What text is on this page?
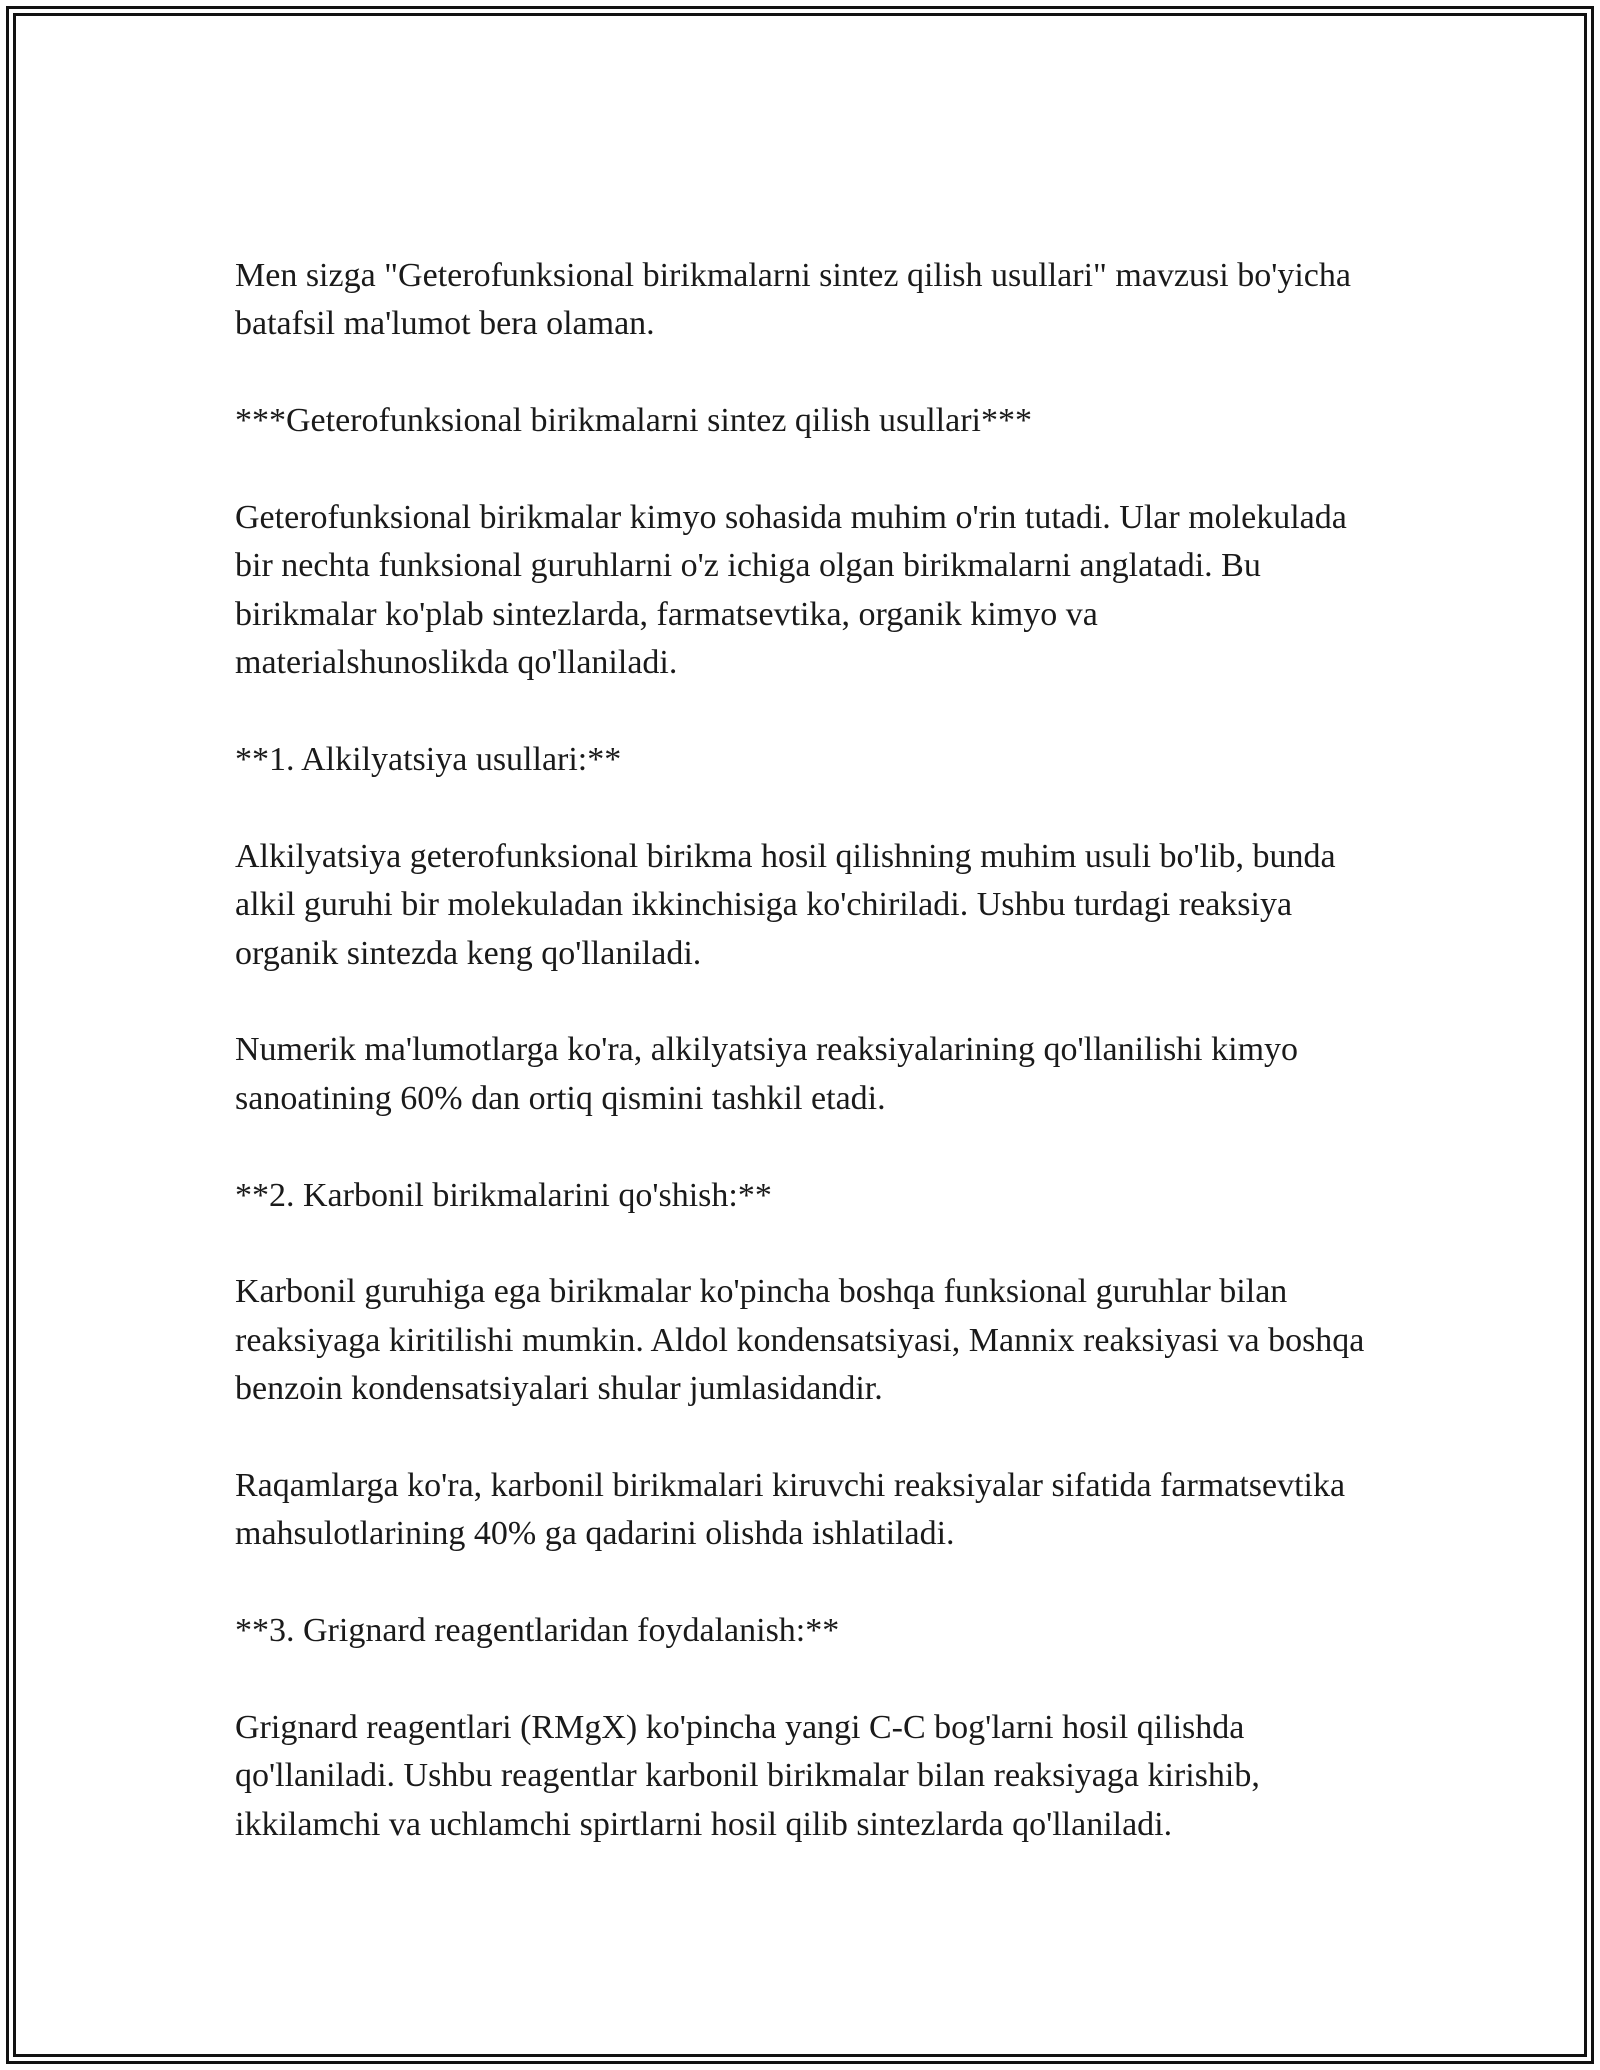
Men sizga "Geterofunksional birikmalarni sintez qilish usullari" mavzusi bo'yicha batafsil ma'lumot bera olaman.

***Geterofunksional birikmalarni sintez qilish usullari***

Geterofunksional birikmalar kimyo sohasida muhim o'rin tutadi. Ular molekulada bir nechta funksional guruhlarni o'z ichiga olgan birikmalarni anglatadi. Bu birikmalar ko'plab sintezlarda, farmatsevtika, organik kimyo va materialshunoslikda qo'llaniladi.

**1. Alkilyatsiya usullari:**

Alkilyatsiya geterofunksional birikma hosil qilishning muhim usuli bo'lib, bunda alkil guruhi bir molekuladan ikkinchisiga ko'chiriladi. Ushbu turdagi reaksiya organik sintezda keng qo'llaniladi.

Numerik ma'lumotlarga ko'ra, alkilyatsiya reaksiyalarining qo'llanilishi kimyo sanoatining 60% dan ortiq qismini tashkil etadi.

**2. Karbonil birikmalarini qo'shish:**

Karbonil guruhiga ega birikmalar ko'pincha boshqa funksional guruhlar bilan reaksiyaga kiritilishi mumkin. Aldol kondensatsiyasi, Mannix reaksiyasi va boshqa benzoin kondensatsiyalari shular jumlasidandir.

Raqamlarga ko'ra, karbonil birikmalari kiruvchi reaksiyalar sifatida farmatsevtika mahsulotlarining 40% ga qadarini olishda ishlatiladi.

**3. Grignard reagentlaridan foydalanish:**

Grignard reagentlari (RMgX) ko'pincha yangi C-C bog'larni hosil qilishda qo'llaniladi. Ushbu reagentlar karbonil birikmalar bilan reaksiyaga kirishib, ikkilamchi va uchlamchi spirtlarni hosil qilib sintezlarda qo'llaniladi.
